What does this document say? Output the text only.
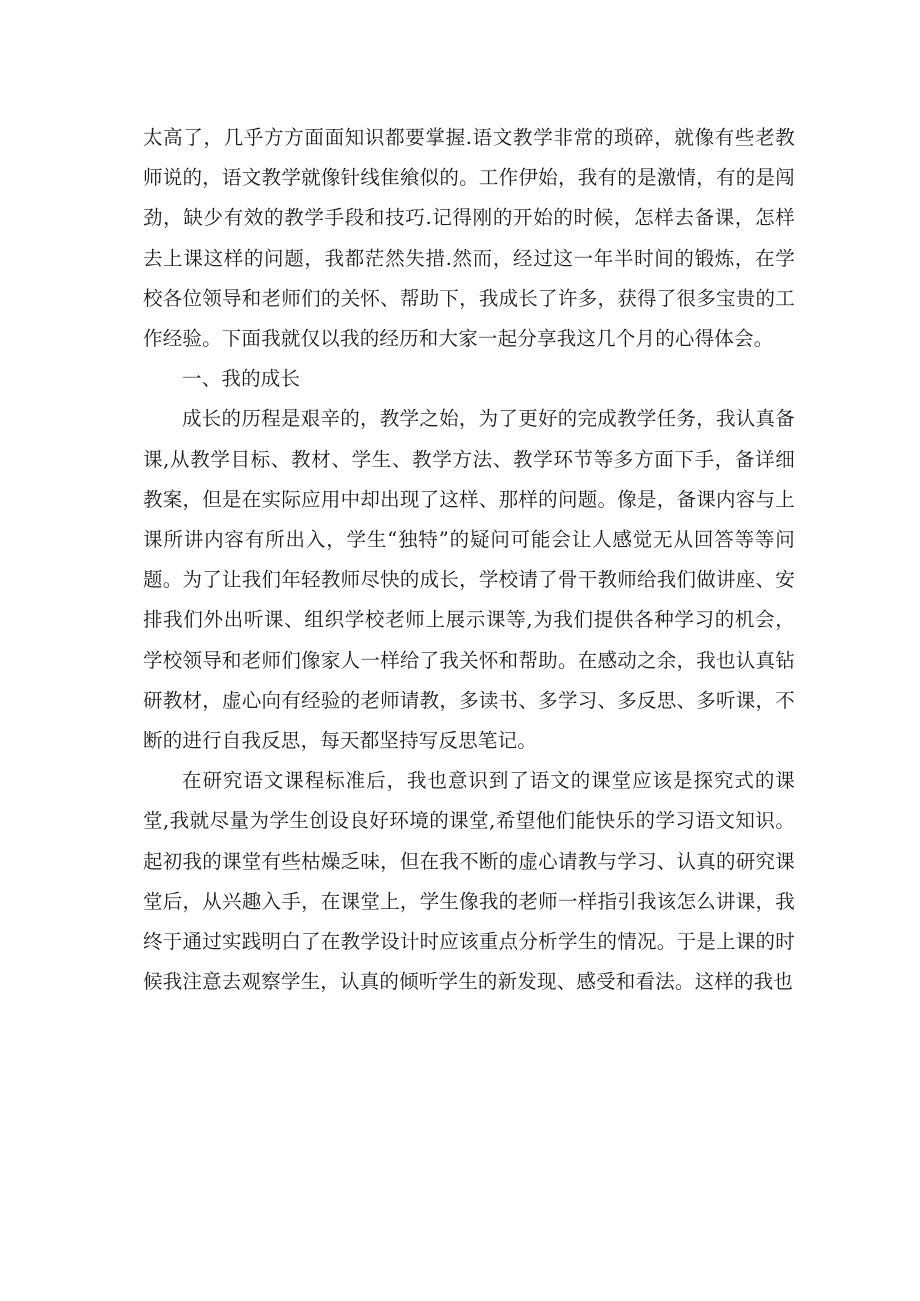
太高了，几乎方方面面知识都要掌握.语文教学非常的琐碎，就像有些老教师说的，语文教学就像针线隹飨似的。工作伊始，我有的是激情，有的是闯劲，缺少有效的教学手段和技巧.记得刚的开始的时候，怎样去备课，怎样去上课这样的问题，我都茫然失措.然而，经过这一年半时间的锻炼，在学校各位领导和老师们的关怀、帮助下，我成长了许多，获得了很多宝贵的工作经验。下面我就仅以我的经历和大家一起分享我这几个月的心得体会。

一、我的成长

成长的历程是艰辛的，教学之始，为了更好的完成教学任务，我认真备课,从教学目标、教材、学生、教学方法、教学环节等多方面下手，备详细教案，但是在实际应用中却出现了这样、那样的问题。像是，备课内容与上课所讲内容有所出入，学生“独特”的疑问可能会让人感觉无从回答等等问题。为了让我们年轻教师尽快的成长，学校请了骨干教师给我们做讲座、安排我们外出听课、组织学校老师上展示课等,为我们提供各种学习的机会，学校领导和老师们像家人一样给了我关怀和帮助。在感动之余，我也认真钻研教材，虚心向有经验的老师请教，多读书、多学习、多反思、多听课，不断的进行自我反思，每天都坚持写反思笔记。

在研究语文课程标准后，我也意识到了语文的课堂应该是探究式的课堂,我就尽量为学生创设良好环境的课堂,希望他们能快乐的学习语文知识。起初我的课堂有些枯燥乏味，但在我不断的虚心请教与学习、认真的研究课堂后，从兴趣入手，在课堂上，学生像我的老师一样指引我该怎么讲课，我终于通过实践明白了在教学设计时应该重点分析学生的情况。于是上课的时候我注意去观察学生，认真的倾听学生的新发现、感受和看法。这样的我也
